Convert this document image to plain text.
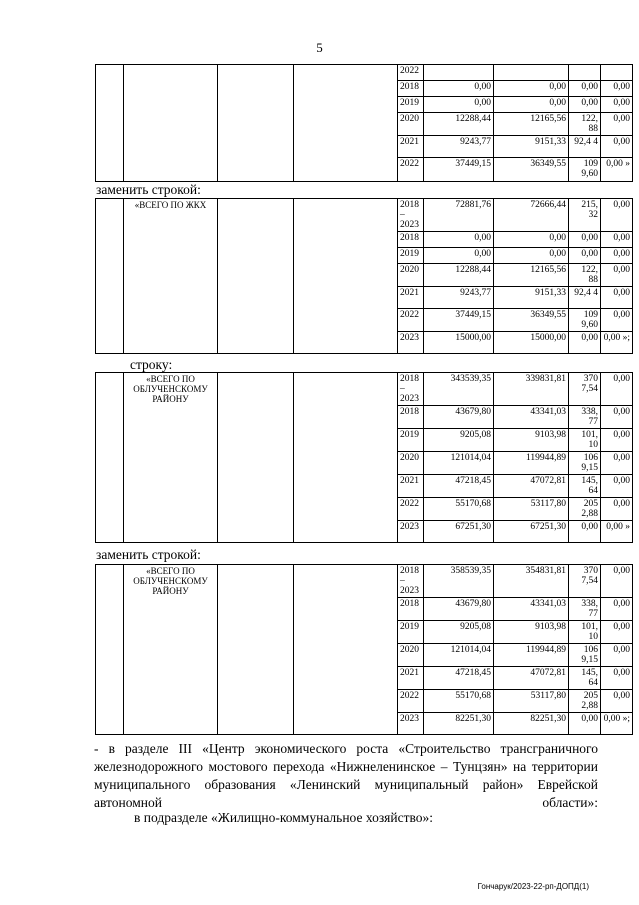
5
				2022				
				2018	0,00	0,00	0,00	0,00
				2019	0,00	0,00	0,00	0,00
				2020	12288,44	12165,56	122, 88	0,00
				2021	9243,77	9151,33	92,4 4	0,00
				2022	37449,15	36349,55	109 9,60	0,00 »
заменить строкой:
	«ВСЕГО ПО ЖКХ			2018 – 2023	72881,76	72666,44	215, 32	0,00
				2018	0,00	0,00	0,00	0,00
				2019	0,00	0,00	0,00	0,00
				2020	12288,44	12165,56	122, 88	0,00
				2021	9243,77	9151,33	92,4 4	0,00
				2022	37449,15	36349,55	109 9,60	0,00
				2023	15000,00	15000,00	0,00	0,00 »;
строку:
	«ВСЕГО ПО ОБЛУЧЕНСКОМУ РАЙОНУ			2018 – 2023	343539,35	339831,81	370 7,54	0,00
				2018	43679,80	43341,03	338, 77	0,00
				2019	9205,08	9103,98	101, 10	0,00
				2020	121014,04	119944,89	106 9,15	0,00
				2021	47218,45	47072,81	145, 64	0,00
				2022	55170,68	53117,80	205 2,88	0,00
				2023	67251,30	67251,30	0,00	0,00 »
заменить строкой:
	«ВСЕГО ПО ОБЛУЧЕНСКОМУ РАЙОНУ			2018 – 2023	358539,35	354831,81	370 7,54	0,00
				2018	43679,80	43341,03	338, 77	0,00
				2019	9205,08	9103,98	101, 10	0,00
				2020	121014,04	119944,89	106 9,15	0,00
				2021	47218,45	47072,81	145, 64	0,00
				2022	55170,68	53117,80	205 2,88	0,00
				2023	82251,30	82251,30	0,00	0,00 »;
- в разделе III «Центр экономического роста «Строительство трансграничного железнодорожного мостового перехода «Нижнеленинское – Тунцзян» на территории муниципального образования «Ленинский муниципальный район» Еврейской автономной области»:
в подразделе «Жилищно-коммунальное хозяйство»:
Гончарук/2023-22-рп-ДОПД(1)
